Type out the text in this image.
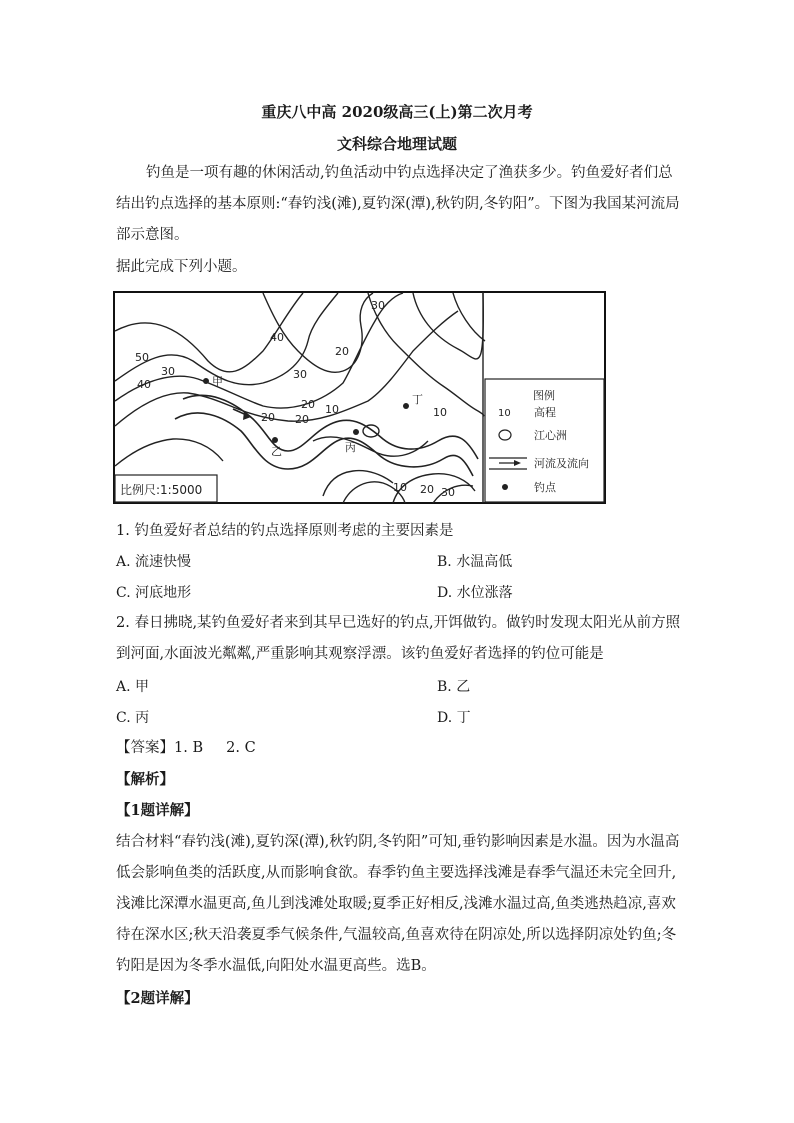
重庆八中高 2020级高三(上)第二次月考
文科综合地理试题
钓鱼是一项有趣的休闲活动,钓鱼活动中钓点选择决定了渔获多少。钓鱼爱好者们总结出钓点选择的基本原则:“春钓浅(滩),夏钓深(潭),秋钓阴,冬钓阳”。下图为我国某河流局部示意图。
据此完成下列小题。
50
40
30
40
30
20
20
30
20
10
20
10
10 20 30
甲
乙	丙
丁
比例尺:1:5000
图例
10 高程
江心洲
河流及流向
钓点
1. 钓鱼爱好者总结的钓点选择原则考虑的主要因素是
A. 流速快慢	B. 水温高低
C. 河底地形	D. 水位涨落
2. 春日拂晓,某钓鱼爱好者来到其早已选好的钓点,开饵做钓。做钓时发现太阳光从前方照到河面,水面波光粼粼,严重影响其观察浮漂。该钓鱼爱好者选择的钓位可能是
A. 甲	B. 乙
C. 丙	D. 丁
【答案】1. B     2. C
【解析】

【1题详解】
结合材料“春钓浅(滩),夏钓深(潭),秋钓阴,冬钓阳”可知,垂钓影响因素是水温。因为水温高低会影响鱼类的活跃度,从而影响食欲。春季钓鱼主要选择浅滩是春季气温还未完全回升,浅滩比深潭水温更高,鱼儿到浅滩处取暖;夏季正好相反,浅滩水温过高,鱼类逃热趋凉,喜欢待在深水区;秋天沿袭夏季气候条件,气温较高,鱼喜欢待在阴凉处,所以选择阴凉处钓鱼;冬钓阳是因为冬季水温低,向阳处水温更高些。选B。
【2题详解】
